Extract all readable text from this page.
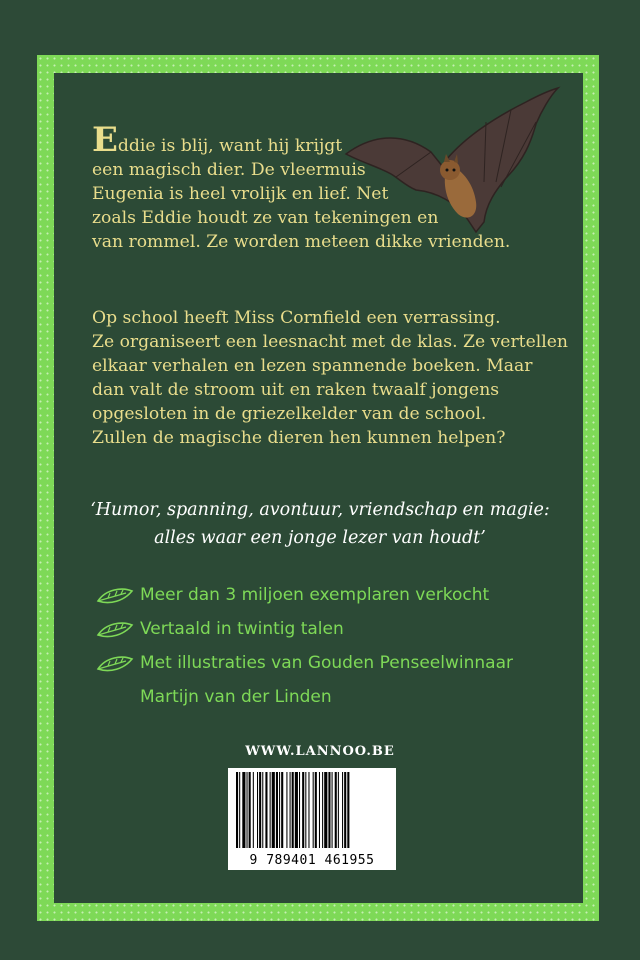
Eddie is blij, want hij krijgt
een magisch dier. De vleermuis
Eugenia is heel vrolijk en lief. Net
zoals Eddie houdt ze van tekeningen en
van rommel. Ze worden meteen dikke vrienden.

Op school heeft Miss Cornfield een verrassing.
Ze organiseert een leesnacht met de klas. Ze vertellen
elkaar verhalen en lezen spannende boeken. Maar
dan valt de stroom uit en raken twaalf jongens
opgesloten in de griezelkelder van de school.
Zullen de magische dieren hen kunnen helpen?

‘Humor, spanning, avontuur, vriendschap en magie:
alles waar een jonge lezer van houdt’
Meer dan 3 miljoen exemplaren verkocht
Vertaald in twintig talen
Met illustraties van Gouden Penseelwinnaar
Martijn van der Linden
WWW.LANNOO.BE
9 789401 461955
